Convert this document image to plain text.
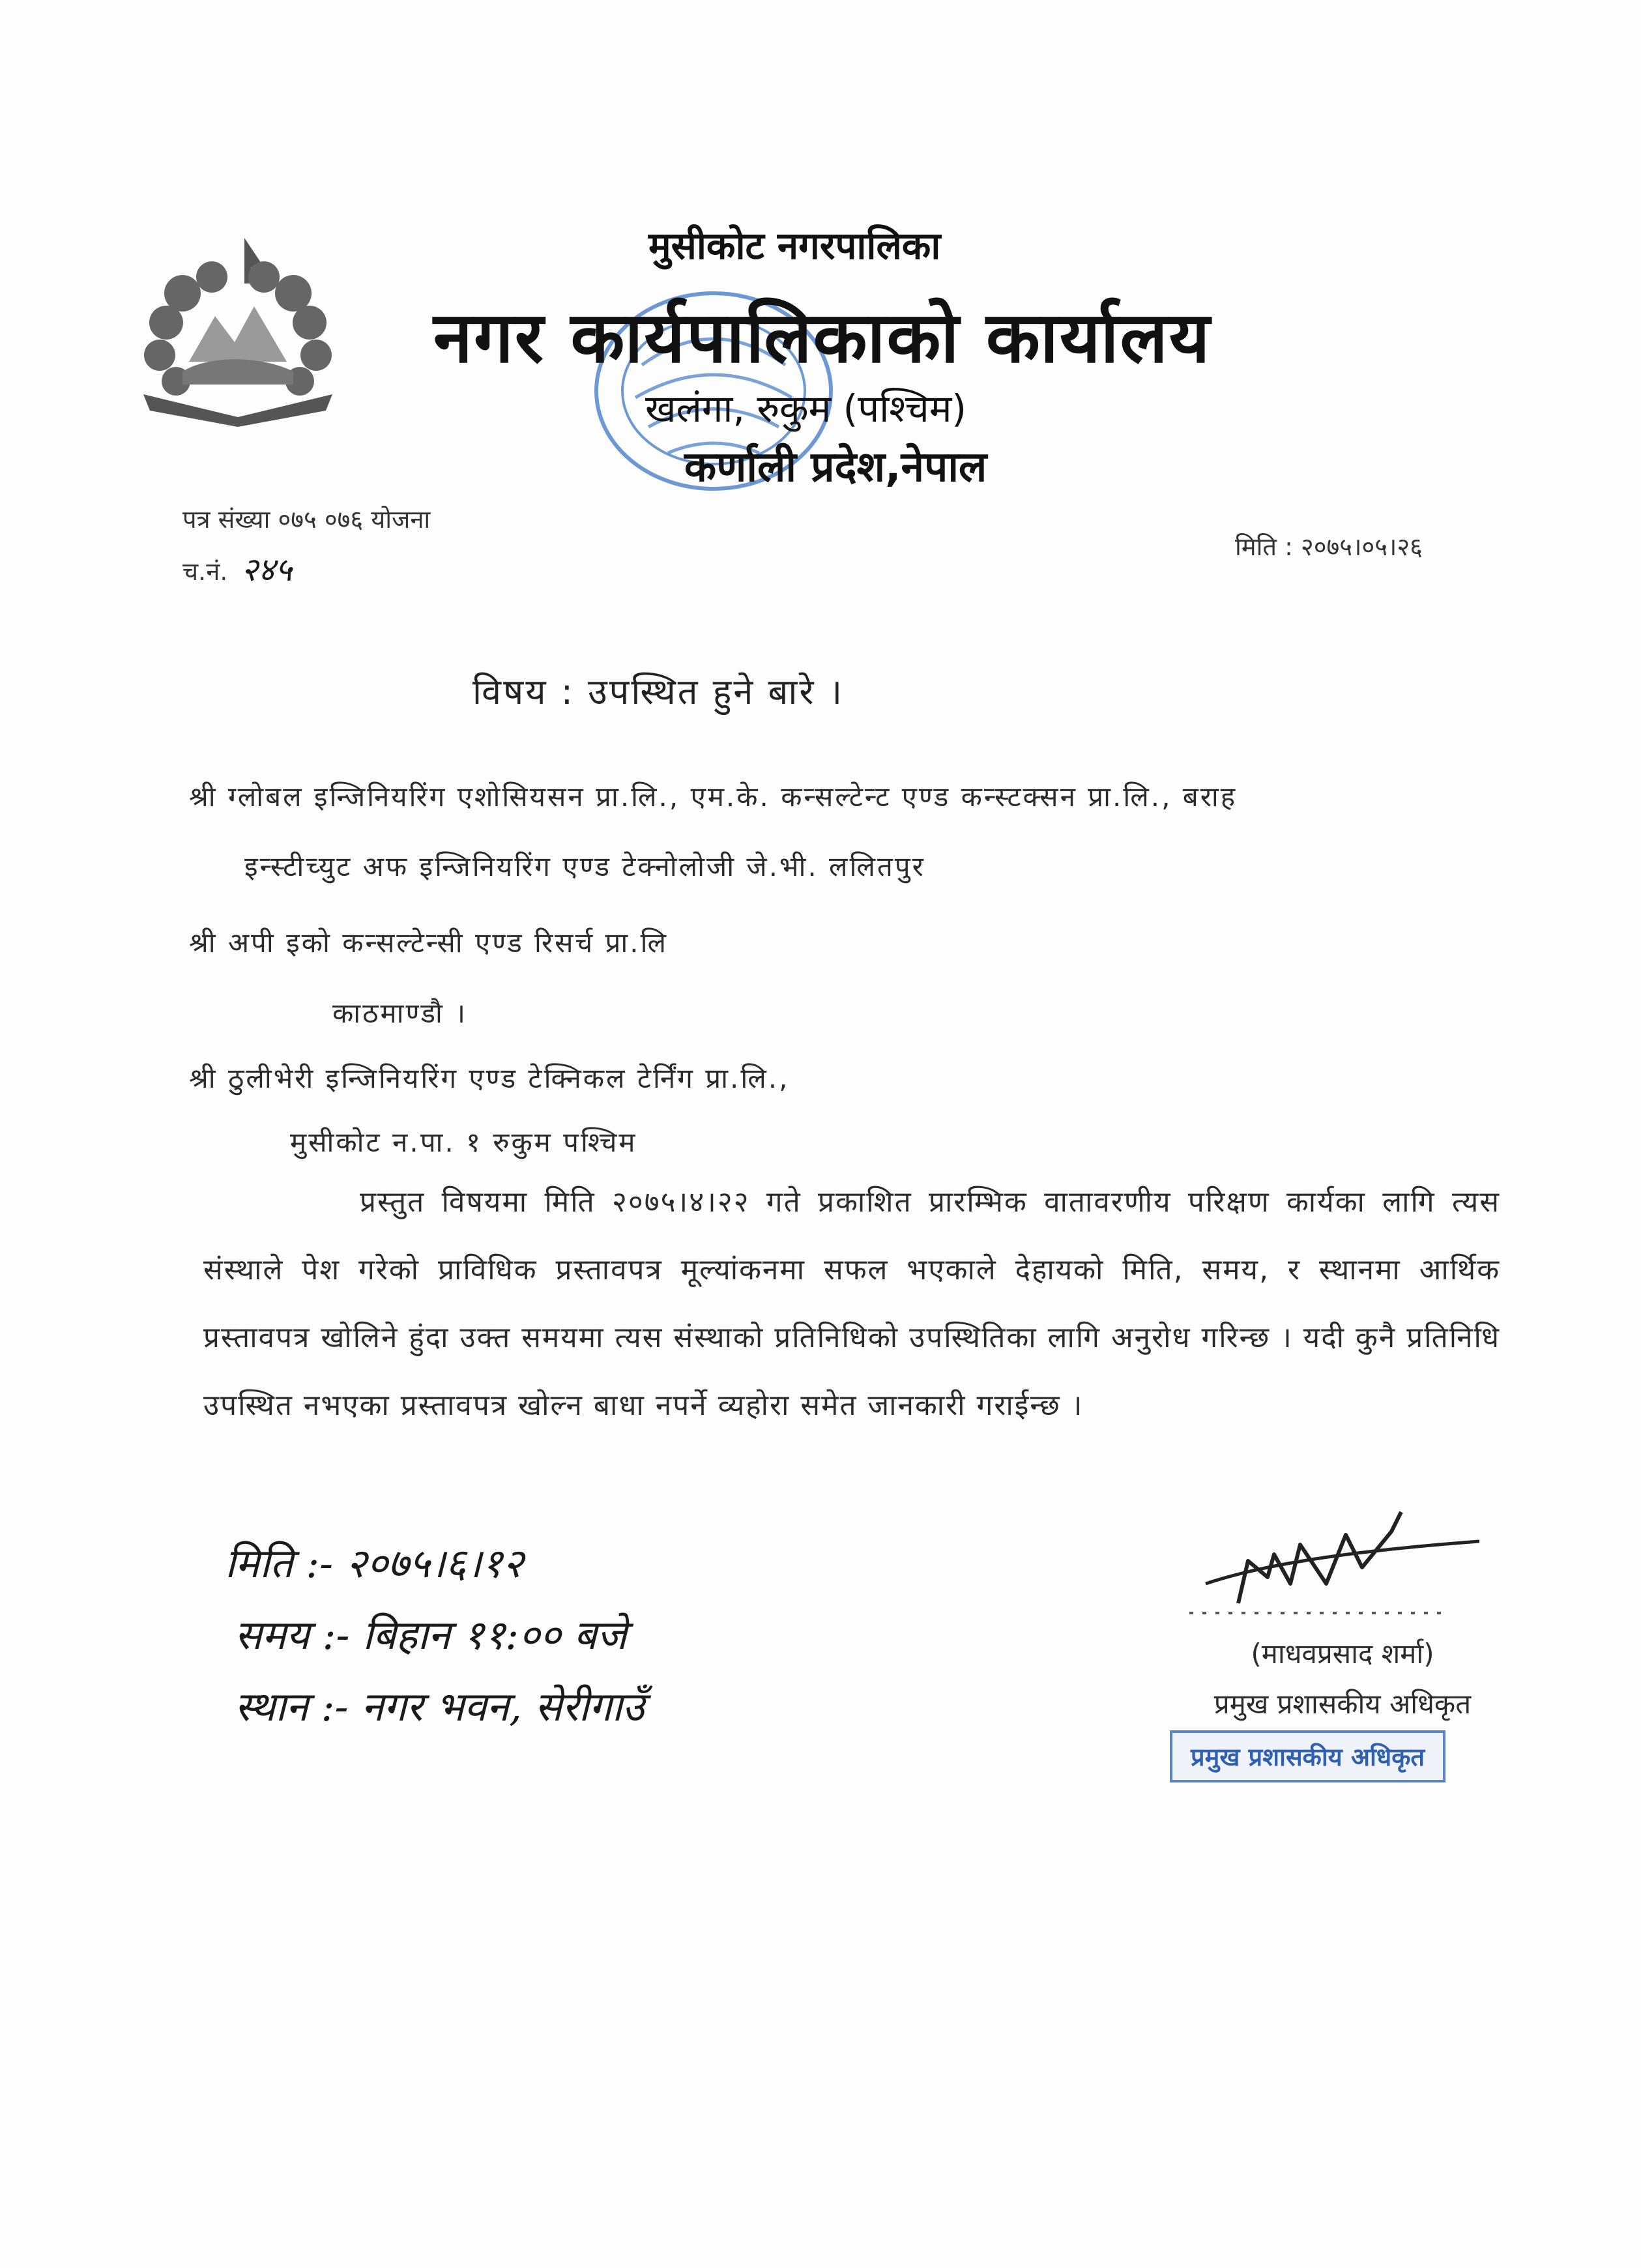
मुसीकोट नगरपालिका
नगर कार्यपालिकाको कार्यालय
खलंगा, रुकुम (पश्चिम)
कर्णाली प्रदेश,नेपाल
पत्र संख्या ०७५ ०७६ योजना
च.नं. २४५
मिति : २०७५।०५।२६
विषय : उपस्थित हुने बारे ।
श्री ग्लोबल इन्जिनियरिंग एशोसियसन प्रा.लि., एम.के. कन्सल्टेन्ट एण्ड कन्स्टक्सन प्रा.लि., बराह
इन्स्टीच्युट अफ इन्जिनियरिंग एण्ड टेक्नोलोजी जे.भी. ललितपुर
श्री अपी इको कन्सल्टेन्सी एण्ड रिसर्च प्रा.लि
काठमाण्डौ ।
श्री ठुलीभेरी इन्जिनियरिंग एण्ड टेक्निकल टेर्निंग प्रा.लि.,
मुसीकोट न.पा. १ रुकुम पश्चिम
प्रस्तुत विषयमा मिति २०७५।४।२२ गते प्रकाशित प्रारम्भिक वातावरणीय परिक्षण कार्यका लागि त्यस संस्थाले पेश गरेको प्राविधिक प्रस्तावपत्र मूल्यांकनमा सफल भएकाले देहायको मिति, समय, र स्थानमा आर्थिक प्रस्तावपत्र खोलिने हुंदा उक्त समयमा त्यस संस्थाको प्रतिनिधिको उपस्थितिका लागि अनुरोध गरिन्छ । यदी कुनै प्रतिनिधि उपस्थित नभएका प्रस्तावपत्र खोल्न बाधा नपर्ने व्यहोरा समेत जानकारी गराईन्छ ।
मिति :- २०७५।६।१२
समय :- बिहान ११:०० बजे
स्थान :- नगर भवन, सेरीगाउँ
(माधवप्रसाद शर्मा)
प्रमुख प्रशासकीय अधिकृत
प्रमुख प्रशासकीय अधिकृत
